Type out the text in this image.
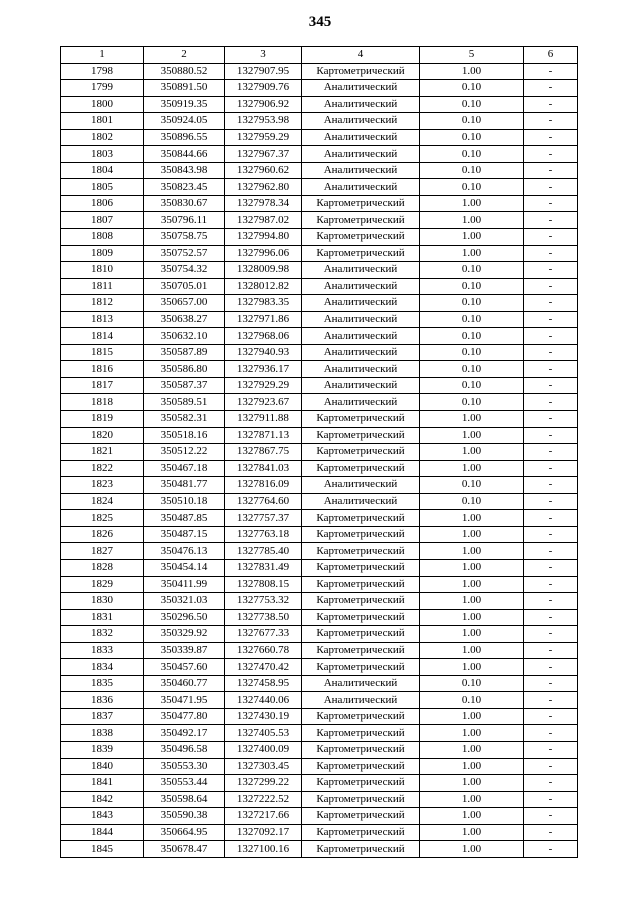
345
1	2	3	4	5	6
1798	350880.52	1327907.95	Картометрический	1.00	-
1799	350891.50	1327909.76	Аналитический	0.10	-
1800	350919.35	1327906.92	Аналитический	0.10	-
1801	350924.05	1327953.98	Аналитический	0.10	-
1802	350896.55	1327959.29	Аналитический	0.10	-
1803	350844.66	1327967.37	Аналитический	0.10	-
1804	350843.98	1327960.62	Аналитический	0.10	-
1805	350823.45	1327962.80	Аналитический	0.10	-
1806	350830.67	1327978.34	Картометрический	1.00	-
1807	350796.11	1327987.02	Картометрический	1.00	-
1808	350758.75	1327994.80	Картометрический	1.00	-
1809	350752.57	1327996.06	Картометрический	1.00	-
1810	350754.32	1328009.98	Аналитический	0.10	-
1811	350705.01	1328012.82	Аналитический	0.10	-
1812	350657.00	1327983.35	Аналитический	0.10	-
1813	350638.27	1327971.86	Аналитический	0.10	-
1814	350632.10	1327968.06	Аналитический	0.10	-
1815	350587.89	1327940.93	Аналитический	0.10	-
1816	350586.80	1327936.17	Аналитический	0.10	-
1817	350587.37	1327929.29	Аналитический	0.10	-
1818	350589.51	1327923.67	Аналитический	0.10	-
1819	350582.31	1327911.88	Картометрический	1.00	-
1820	350518.16	1327871.13	Картометрический	1.00	-
1821	350512.22	1327867.75	Картометрический	1.00	-
1822	350467.18	1327841.03	Картометрический	1.00	-
1823	350481.77	1327816.09	Аналитический	0.10	-
1824	350510.18	1327764.60	Аналитический	0.10	-
1825	350487.85	1327757.37	Картометрический	1.00	-
1826	350487.15	1327763.18	Картометрический	1.00	-
1827	350476.13	1327785.40	Картометрический	1.00	-
1828	350454.14	1327831.49	Картометрический	1.00	-
1829	350411.99	1327808.15	Картометрический	1.00	-
1830	350321.03	1327753.32	Картометрический	1.00	-
1831	350296.50	1327738.50	Картометрический	1.00	-
1832	350329.92	1327677.33	Картометрический	1.00	-
1833	350339.87	1327660.78	Картометрический	1.00	-
1834	350457.60	1327470.42	Картометрический	1.00	-
1835	350460.77	1327458.95	Аналитический	0.10	-
1836	350471.95	1327440.06	Аналитический	0.10	-
1837	350477.80	1327430.19	Картометрический	1.00	-
1838	350492.17	1327405.53	Картометрический	1.00	-
1839	350496.58	1327400.09	Картометрический	1.00	-
1840	350553.30	1327303.45	Картометрический	1.00	-
1841	350553.44	1327299.22	Картометрический	1.00	-
1842	350598.64	1327222.52	Картометрический	1.00	-
1843	350590.38	1327217.66	Картометрический	1.00	-
1844	350664.95	1327092.17	Картометрический	1.00	-
1845	350678.47	1327100.16	Картометрический	1.00	-
